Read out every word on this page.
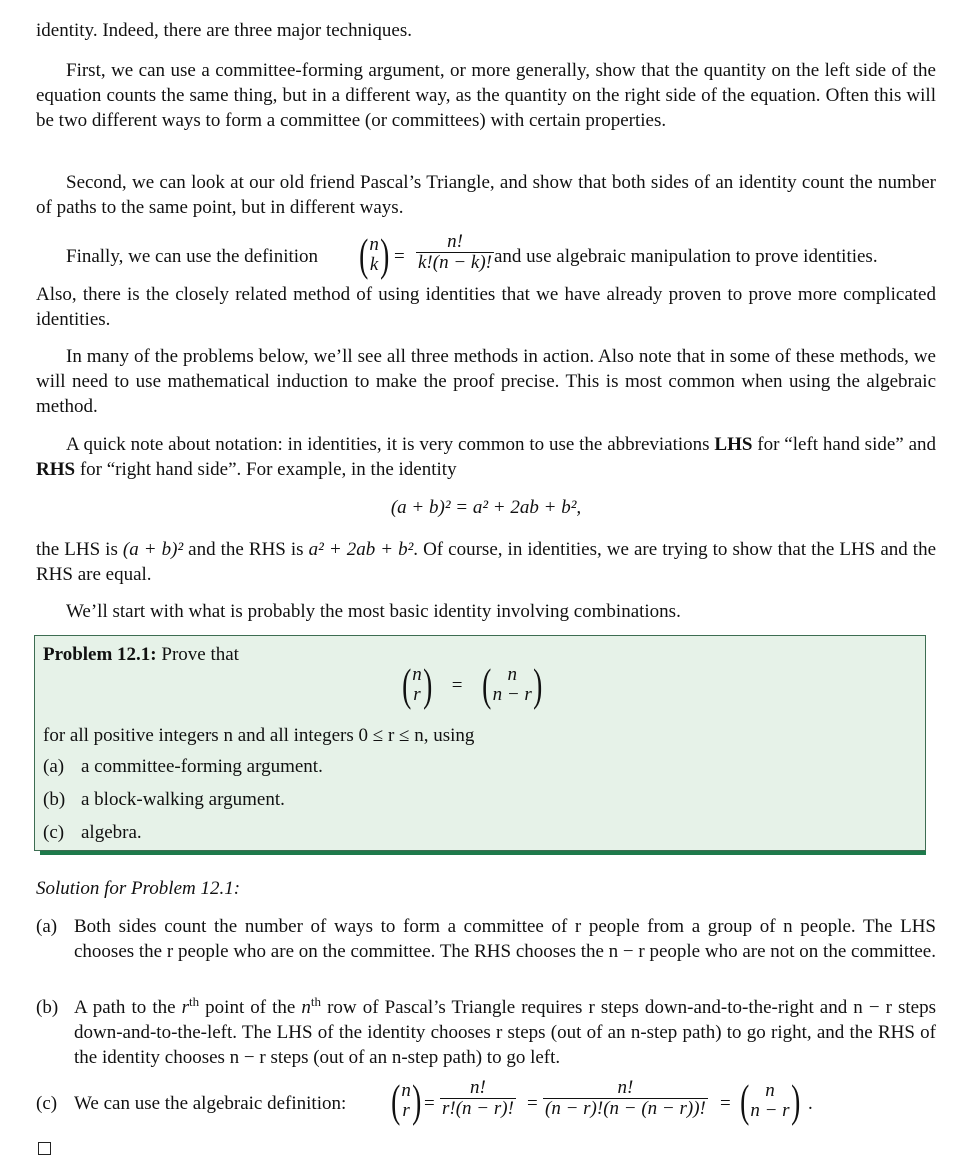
identity. Indeed, there are three major techniques.

First, we can use a committee-forming argument, or more generally, show that the quantity on the left side of the equation counts the same thing, but in a different way, as the quantity on the right side of the equation. Often this will be two different ways to form a committee (or committees) with certain properties.

Second, we can look at our old friend Pascal’s Triangle, and show that both sides of an identity count the number of paths to the same point, but in different ways.

Finally, we can use the definition ( n
k ) = $\frac{n!}{k!(n - k)!}$ and use algebraic manipulation to prove identities.

Also, there is the closely related method of using identities that we have already proven to prove more complicated identities.

In many of the problems below, we’ll see all three methods in action. Also note that in some of these methods, we will need to use mathematical induction to make the proof precise. This is most common when using the algebraic method.

A quick note about notation: in identities, it is very common to use the abbreviations LHS for “left hand side” and RHS for “right hand side”. For example, in the identity

(a + b)² = a² + 2ab + b²,

the LHS is (a + b)² and the RHS is a² + 2ab + b². Of course, in identities, we are trying to show that the LHS and the RHS are equal.

We’ll start with what is probably the most basic identity involving combinations.

Problem 12.1: Prove that
( n
r ) = ( n
n − r )
for all positive integers n and all integers 0 ≤ r ≤ n, using
(a) a committee-forming argument.
(b) a block-walking argument.
(c) algebra.
Solution for Problem 12.1:
(a) Both sides count the number of ways to form a committee of r people from a group of n people. The LHS chooses the r people who are on the committee. The RHS chooses the n − r people who are not on the committee.
(b) A path to the $r^{th}$ point of the $n^{th}$ row of Pascal’s Triangle requires r steps down-and-to-the-right and n − r steps down-and-to-the-left. The LHS of the identity chooses r steps (out of an n-step path) to go right, and the RHS of the identity chooses n − r steps (out of an n-step path) to go left.
(c) We can use the algebraic definition: ( n
r ) = $\frac{n!}{r!(n - r)!} = \frac{n!}{(n - r)!(n - (n - r))!}$ = ( n
n − r ) .
